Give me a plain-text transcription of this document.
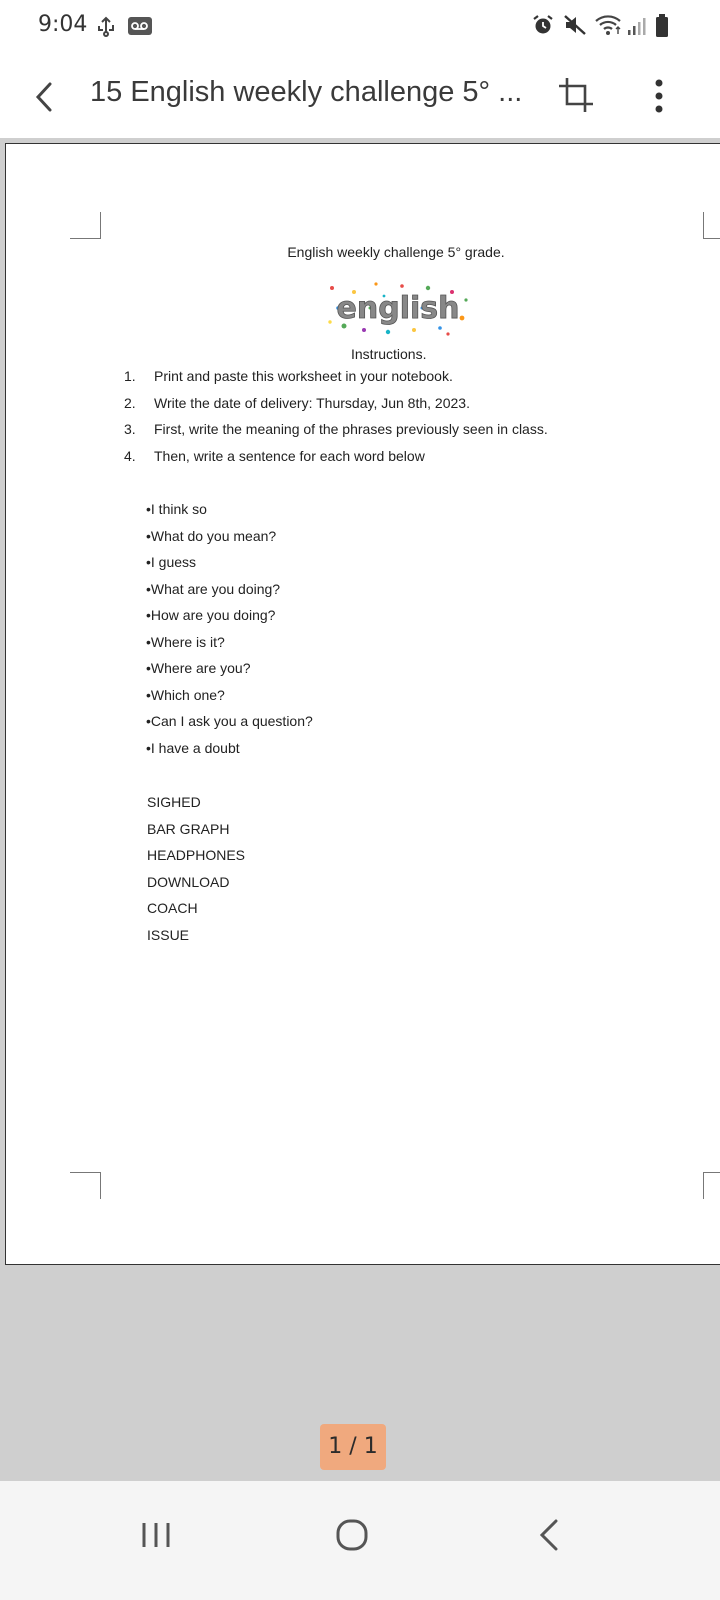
9:04
15 English weekly challenge 5° ...
English weekly challenge 5° grade.
english
Instructions.
1.	Print and paste this worksheet in your notebook.
2.	Write the date of delivery: Thursday, Jun 8th, 2023.
3.	First, write the meaning of the phrases previously seen in class.
4.	Then, write a sentence for each word below
•I think so
•What do you mean?
•I guess
•What are you doing?
•How are you doing?
•Where is it?
•Where are you?
•Which one?
•Can I ask you a question?
•I have a doubt
SIGHED
BAR GRAPH
HEADPHONES
DOWNLOAD
COACH
ISSUE
1 / 1
